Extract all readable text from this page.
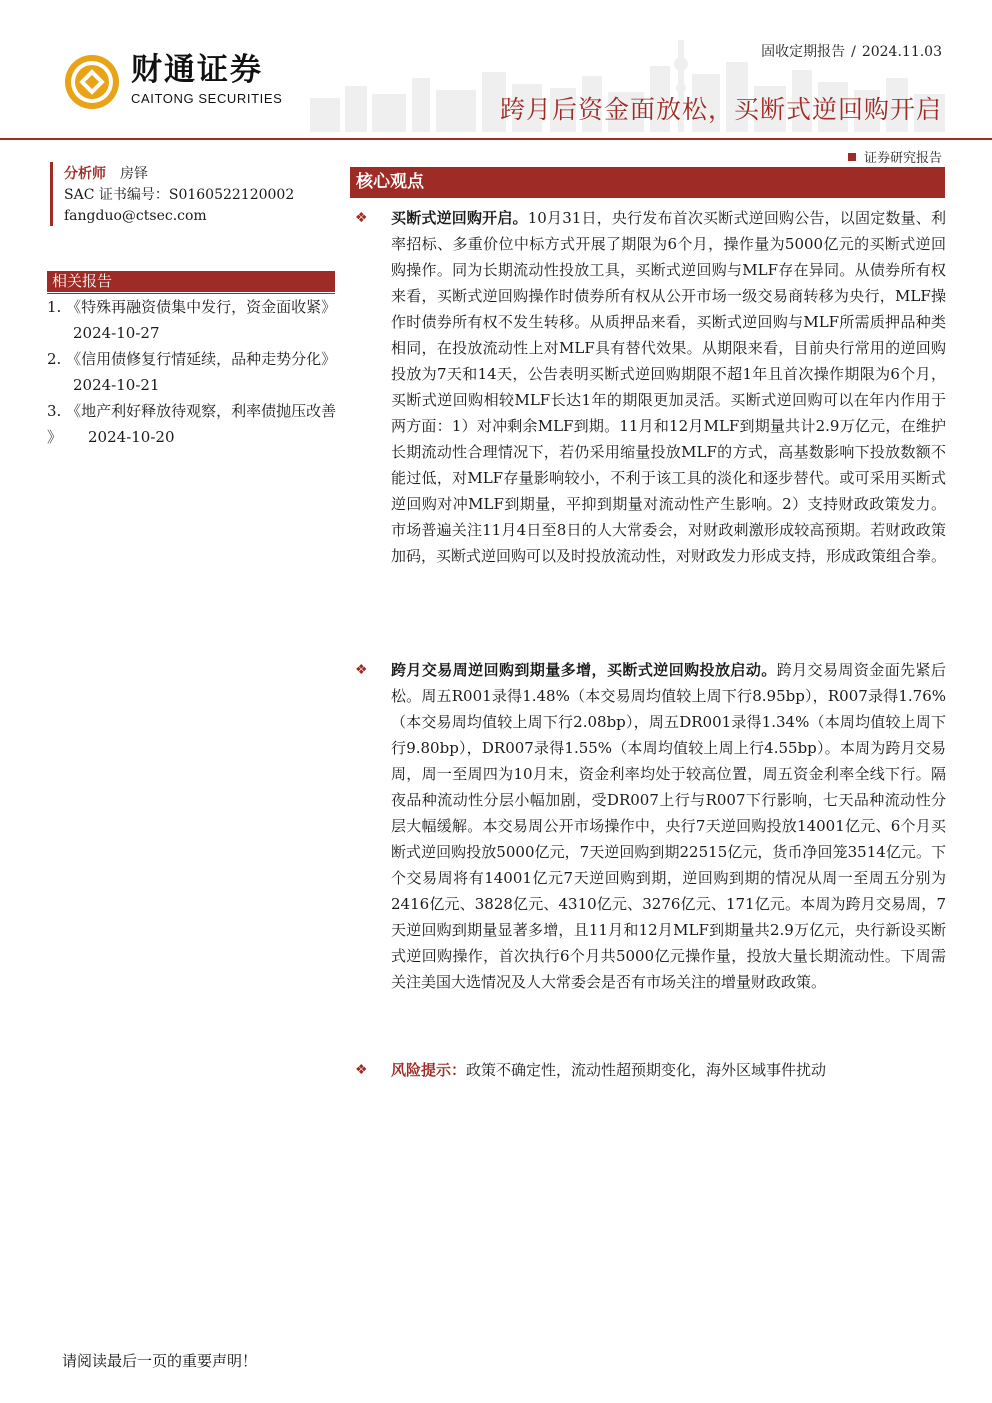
财通证券
CAITONG SECURITIES
固收定期报告 / 2024.11.03
跨月后资金面放松，买断式逆回购开启
证券研究报告
分析师 房铎
SAC 证书编号：S0160522120002
fangduo@ctsec.com
相关报告

1. 《特殊再融资债集中发行，资金面收紧》2024-10-27

2. 《信用债修复行情延续，品种走势分化》2024-10-21

3. 《地产利好释放待观察，利率债抛压改善 》 2024-10-20

核心观点
❖ 买断式逆回购开启。10月31日，央行发布首次买断式逆回购公告，以固定数量、利率招标、多重价位中标方式开展了期限为6个月，操作量为5000亿元的买断式逆回购操作。同为长期流动性投放工具，买断式逆回购与MLF存在异同。从债券所有权来看，买断式逆回购操作时债券所有权从公开市场一级交易商转移为央行，MLF操作时债券所有权不发生转移。从质押品来看，买断式逆回购与MLF所需质押品种类相同，在投放流动性上对MLF具有替代效果。从期限来看，目前央行常用的逆回购投放为7天和14天，公告表明买断式逆回购期限不超1年且首次操作期限为6个月，买断式逆回购相较MLF长达1年的期限更加灵活。买断式逆回购可以在年内作用于两方面：1）对冲剩余MLF到期。11月和12月MLF到期量共计2.9万亿元，在维护长期流动性合理情况下，若仍采用缩量投放MLF的方式，高基数影响下投放数额不能过低，对MLF存量影响较小，不利于该工具的淡化和逐步替代。或可采用买断式逆回购对冲MLF到期量，平抑到期量对流动性产生影响。2）支持财政政策发力。市场普遍关注11月4日至8日的人大常委会，对财政刺激形成较高预期。若财政政策加码，买断式逆回购可以及时投放流动性，对财政发力形成支持，形成政策组合拳。
❖ 跨月交易周逆回购到期量多增，买断式逆回购投放启动。跨月交易周资金面先紧后松。周五R001录得1.48%（本交易周均值较上周下行8.95bp），R007录得1.76%（本交易周均值较上周下行2.08bp），周五DR001录得1.34%（本周均值较上周下行9.80bp），DR007录得1.55%（本周均值较上周上行4.55bp）。本周为跨月交易周，周一至周四为10月末，资金利率均处于较高位置，周五资金利率全线下行。隔夜品种流动性分层小幅加剧，受DR007上行与R007下行影响，七天品种流动性分层大幅缓解。本交易周公开市场操作中，央行7天逆回购投放14001亿元、6个月买断式逆回购投放5000亿元，7天逆回购到期22515亿元，货币净回笼3514亿元。下个交易周将有14001亿元7天逆回购到期，逆回购到期的情况从周一至周五分别为2416亿元、3828亿元、4310亿元、3276亿元、171亿元。本周为跨月交易周，7天逆回购到期量显著多增，且11月和12月MLF到期量共2.9万亿元，央行新设买断式逆回购操作，首次执行6个月共5000亿元操作量，投放大量长期流动性。下周需关注美国大选情况及人大常委会是否有市场关注的增量财政政策。
❖ 风险提示：政策不确定性，流动性超预期变化，海外区域事件扰动
请阅读最后一页的重要声明！
